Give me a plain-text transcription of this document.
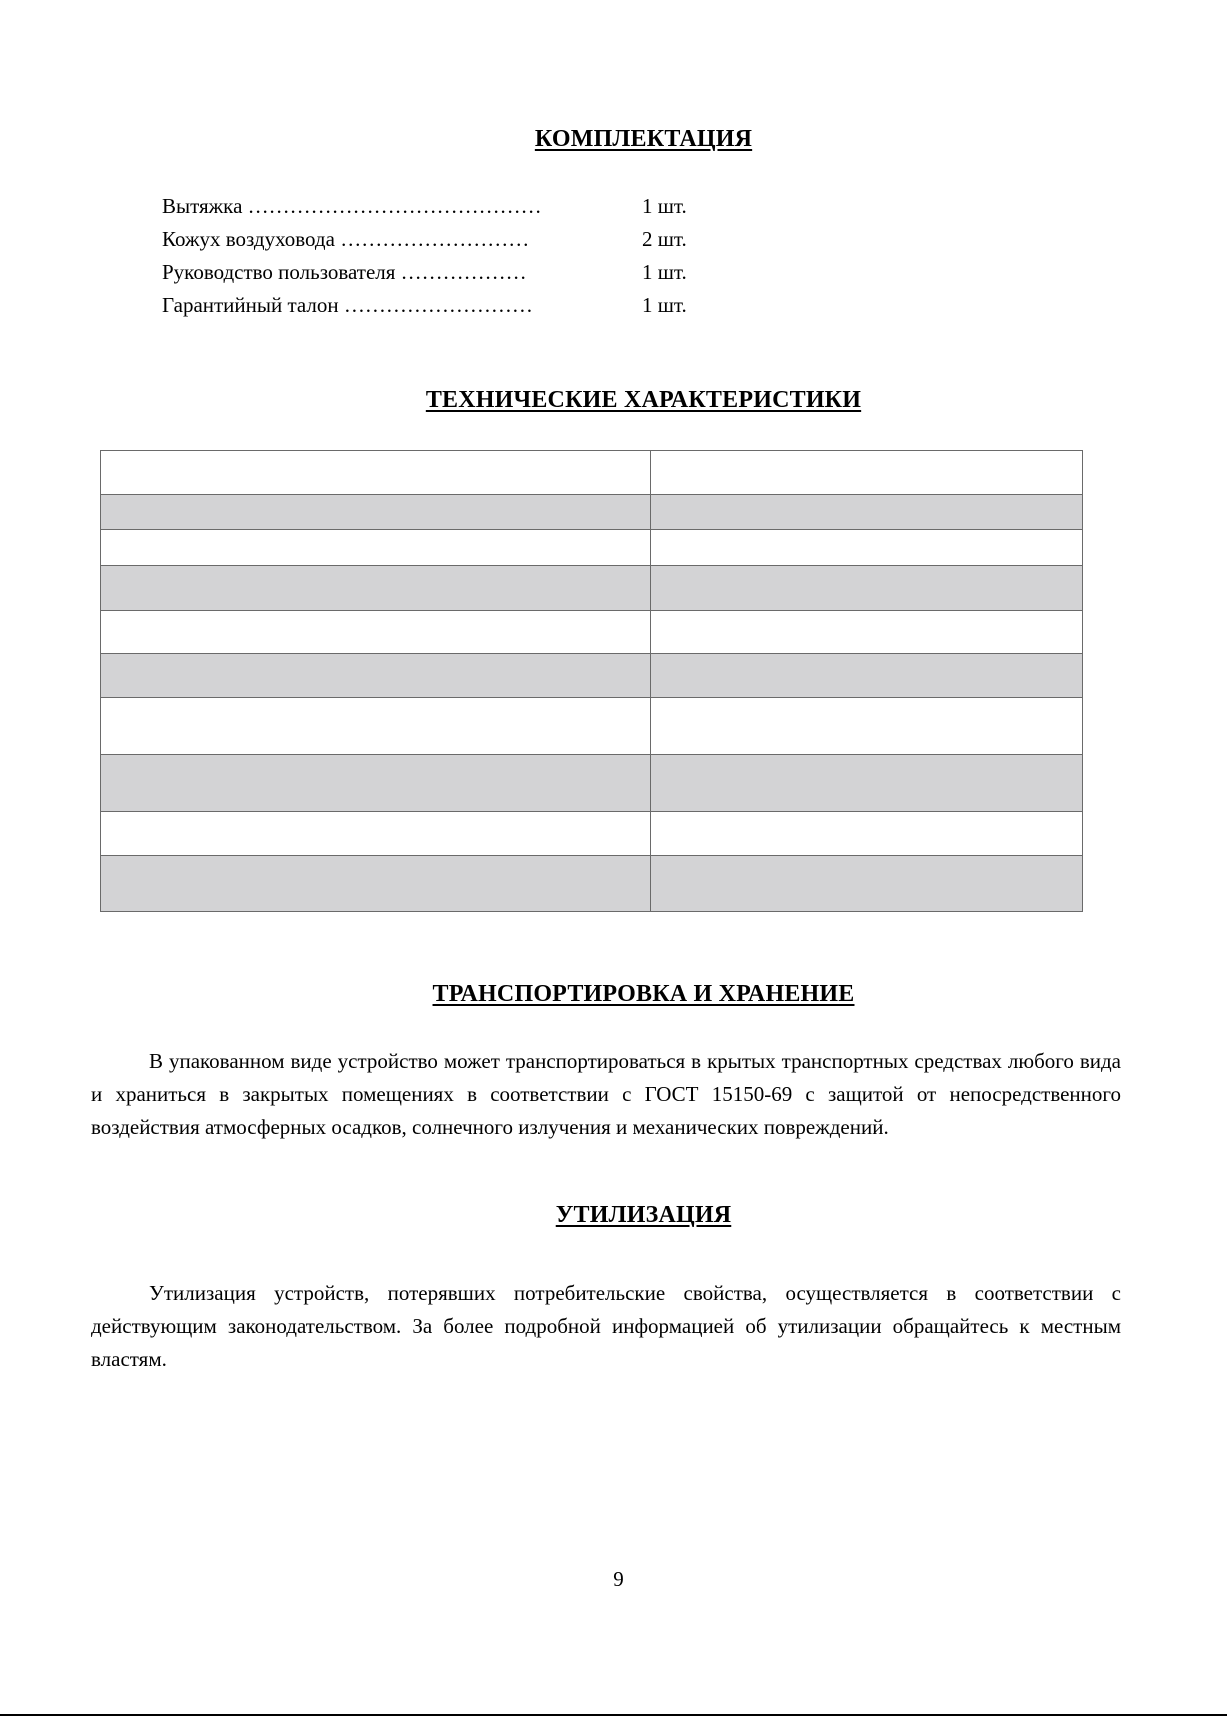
КОМПЛЕКТАЦИЯ
Вытяжка ……………………………………	1 шт.
Кожух воздуховода ………………………	2 шт.
Руководство пользователя ………………	1 шт.
Гарантийный талон ………………………	1 шт.
ТЕХНИЧЕСКИЕ ХАРАКТЕРИСТИКИ

ТРАНСПОРТИРОВКА И ХРАНЕНИЕ

В упакованном виде устройство может транспортироваться в крытых транспортных средствах любого вида и храниться в закрытых помещениях в соответствии с ГОСТ 15150-69 с защитой от непосредственного воздействия атмосферных осадков, солнечного излучения и механических повреждений.

УТИЛИЗАЦИЯ

Утилизация устройств, потерявших потребительские свойства, осуществляется в соответствии с действующим законодательством. За более подробной информацией об утилизации обращайтесь к местным властям.

9
